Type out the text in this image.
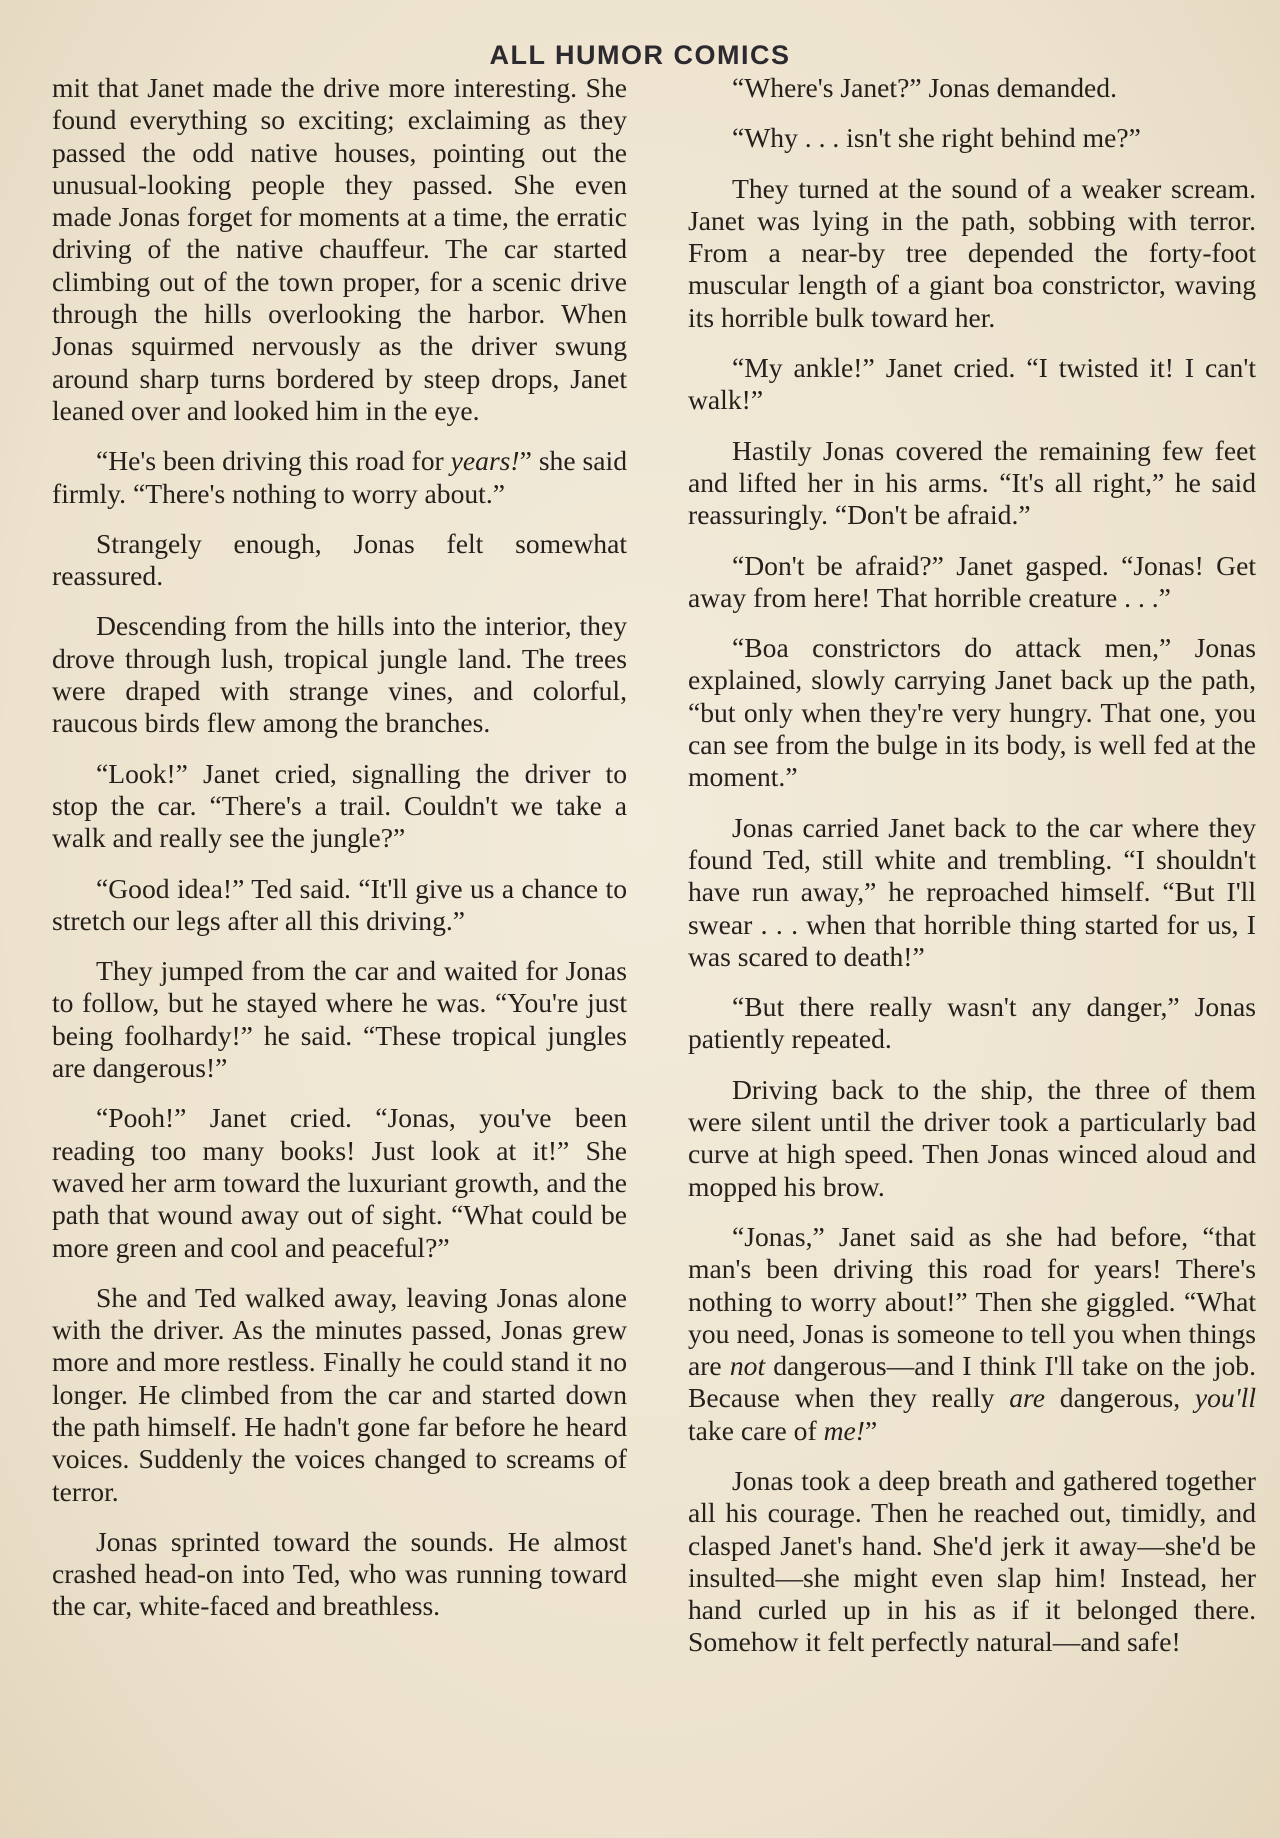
ALL HUMOR COMICS

mit that Janet made the drive more interesting. She found everything so exciting; exclaiming as they passed the odd native houses, pointing out the unusual-looking people they passed. She even made Jonas forget for moments at a time, the erratic driving of the native chauffeur. The car started climbing out of the town proper, for a scenic drive through the hills overlooking the harbor. When Jonas squirmed nervously as the driver swung around sharp turns bordered by steep drops, Janet leaned over and looked him in the eye.

“He's been driving this road for years!” she said firmly. “There's nothing to worry about.”

Strangely enough, Jonas felt somewhat reassured.

Descending from the hills into the interior, they drove through lush, tropical jungle land. The trees were draped with strange vines, and colorful, raucous birds flew among the branches.

“Look!” Janet cried, signalling the driver to stop the car. “There's a trail. Couldn't we take a walk and really see the jungle?”

“Good idea!” Ted said. “It'll give us a chance to stretch our legs after all this driving.”

They jumped from the car and waited for Jonas to follow, but he stayed where he was. “You're just being foolhardy!” he said. “These tropical jungles are dangerous!”

“Pooh!” Janet cried. “Jonas, you've been reading too many books! Just look at it!” She waved her arm toward the luxuriant growth, and the path that wound away out of sight. “What could be more green and cool and peaceful?”

She and Ted walked away, leaving Jonas alone with the driver. As the minutes passed, Jonas grew more and more restless. Finally he could stand it no longer. He climbed from the car and started down the path himself. He hadn't gone far before he heard voices. Suddenly the voices changed to screams of terror.

Jonas sprinted toward the sounds. He almost crashed head-on into Ted, who was running toward the car, white-faced and breathless.

“Where's Janet?” Jonas demanded.

“Why . . . isn't she right behind me?”

They turned at the sound of a weaker scream. Janet was lying in the path, sobbing with terror. From a near-by tree depended the forty-foot muscular length of a giant boa constrictor, waving its horrible bulk toward her.

“My ankle!” Janet cried. “I twisted it! I can't walk!”

Hastily Jonas covered the remaining few feet and lifted her in his arms. “It's all right,” he said reassuringly. “Don't be afraid.”

“Don't be afraid?” Janet gasped. “Jonas! Get away from here! That horrible creature . . .”

“Boa constrictors do attack men,” Jonas explained, slowly carrying Janet back up the path, “but only when they're very hungry. That one, you can see from the bulge in its body, is well fed at the moment.”

Jonas carried Janet back to the car where they found Ted, still white and trembling. “I shouldn't have run away,” he reproached himself. “But I'll swear . . . when that horrible thing started for us, I was scared to death!”

“But there really wasn't any danger,” Jonas patiently repeated.

Driving back to the ship, the three of them were silent until the driver took a particularly bad curve at high speed. Then Jonas winced aloud and mopped his brow.

“Jonas,” Janet said as she had before, “that man's been driving this road for years! There's nothing to worry about!” Then she giggled. “What you need, Jonas is someone to tell you when things are not dangerous—and I think I'll take on the job. Because when they really are dangerous, you'll take care of me!”

Jonas took a deep breath and gathered together all his courage. Then he reached out, timidly, and clasped Janet's hand. She'd jerk it away—she'd be insulted—she might even slap him! Instead, her hand curled up in his as if it belonged there. Somehow it felt perfectly natural—and safe!
